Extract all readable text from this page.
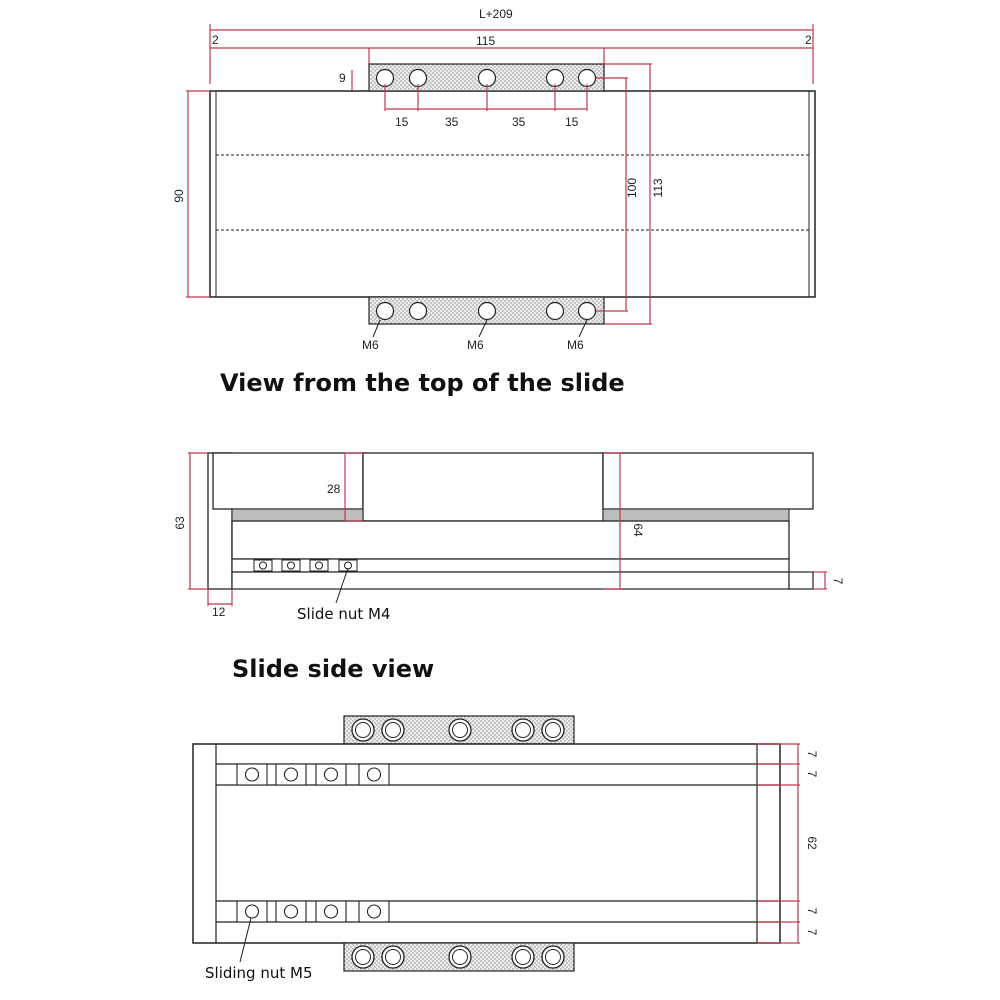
L+209
2	2
115
9
15	35	35	15
90	100 113
M6	M6	M6
View from the top of the slide
63
28
64
12
7
Slide nut M4
Slide side view
7
7
62
7
7
Sliding nut M5
